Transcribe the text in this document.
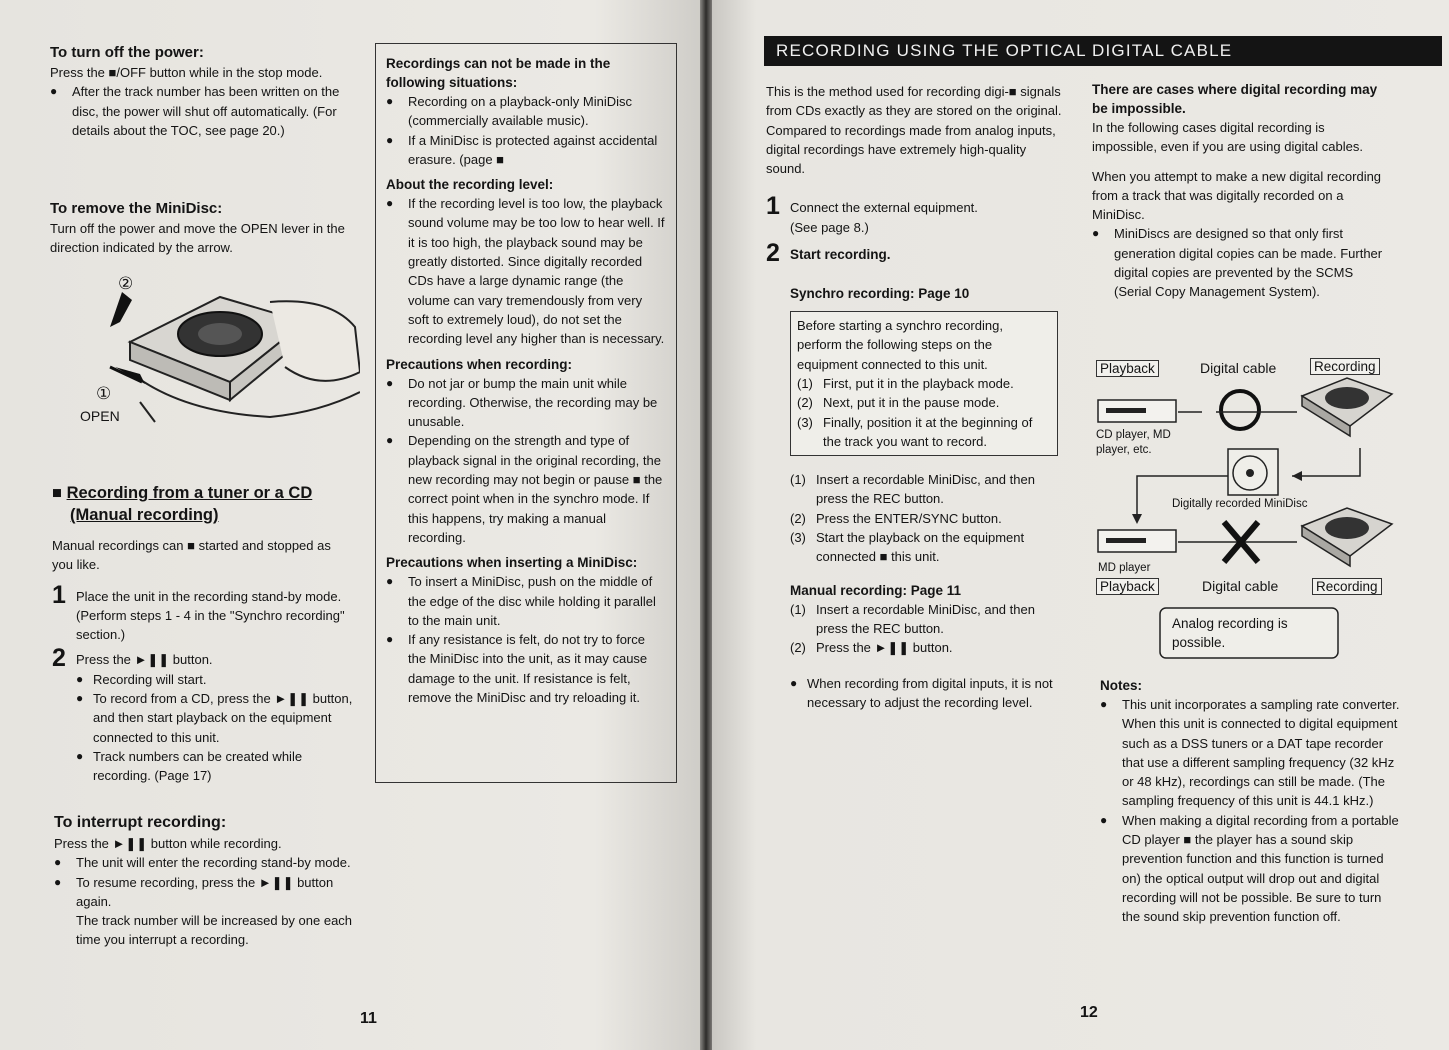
To turn off the power:

Press the ■/OFF button while in the stop mode.

● After the track number has been written on the disc, the power will shut off automatically. (For details about the TOC, see page 20.)
To remove the MiniDisc:

Turn off the power and move the OPEN lever in the direction indicated by the arrow.

②
①
OPEN
■ Recording from a tuner or a CD
(Manual recording)

Manual recordings can ■ started and stopped as you like.

1 Place the unit in the recording stand-by mode. (Perform steps 1 - 4 in the "Synchro recording" section.)

2 Press the ►❚❚ button.

● Recording will start.
● To record from a CD, press the ►❚❚ button, and then start playback on the equipment connected to this unit.
● Track numbers can be created while recording. (Page 17)
To interrupt recording:

Press the ►❚❚ button while recording.

● The unit will enter the recording stand-by mode.
● To resume recording, press the ►❚❚ button again.
The track number will be increased by one each time you interrupt a recording.
Recordings can not be made in the following situations:
● Recording on a playback-only MiniDisc (commercially available music).
● If a MiniDisc is protected against accidental erasure. (page ■
About the recording level:
● If the recording level is too low, the playback sound volume may be too low to hear well. If it is too high, the playback sound may be greatly distorted. Since digitally recorded CDs have a large dynamic range (the volume can vary tremendously from very soft to extremely loud), do not set the recording level any higher than is necessary.
Precautions when recording:
● Do not jar or bump the main unit while recording. Otherwise, the recording may be unusable.
● Depending on the strength and type of playback signal in the original recording, the new recording may not begin or pause ■ the correct point when in the synchro mode. If this happens, try making a manual recording.
Precautions when inserting a MiniDisc:
● To insert a MiniDisc, push on the middle of the edge of the disc while holding it parallel to the main unit.
● If any resistance is felt, do not try to force the MiniDisc into the unit, as it may cause damage to the unit. If resistance is felt, remove the MiniDisc and try reloading it.
11
RECORDING USING THE OPTICAL DIGITAL CABLE

This is the method used for recording digi-■ signals from CDs exactly as they are stored on the original. Compared to recordings made from analog inputs, digital recordings have extremely high-quality sound.

1 Connect the external equipment.

(See page 8.)

2 Start recording.

Synchro recording: Page 10

Before starting a synchro recording, perform the following steps on the equipment connected to this unit.

(1) First, put it in the playback mode.
(2) Next, put it in the pause mode.
(3) Finally, position it at the beginning of the track you want to record.
(1) Insert a recordable MiniDisc, and then press the REC button.
(2) Press the ENTER/SYNC button.
(3) Start the playback on the equipment connected ■ this unit.
Manual recording: Page 11
(1) Insert a recordable MiniDisc, and then press the REC button.
(2) Press the ►❚❚ button.
● When recording from digital inputs, it is not necessary to adjust the recording level.
There are cases where digital recording may be impossible.

In the following cases digital recording is impossible, even if you are using digital cables.

When you attempt to make a new digital recording from a track that was digitally recorded on a MiniDisc.

● MiniDiscs are designed so that only first generation digital copies can be made. Further digital copies are prevented by the SCMS (Serial Copy Management System).
Playback	Digital cable	Recording
CD player, MD player, etc.
Digitally recorded MiniDisc
MD player
Playback	Digital cable	Recording
Analog recording is possible.
Notes:
● This unit incorporates a sampling rate converter.
When this unit is connected to digital equipment such as a DSS tuners or a DAT tape recorder that use a different sampling frequency (32 kHz or 48 kHz), recordings can still be made. (The sampling frequency of this unit is 44.1 kHz.)
● When making a digital recording from a portable CD player ■ the player has a sound skip prevention function and this function is turned on) the optical output will drop out and digital recording will not be possible. Be sure to turn the sound skip prevention function off.
12
